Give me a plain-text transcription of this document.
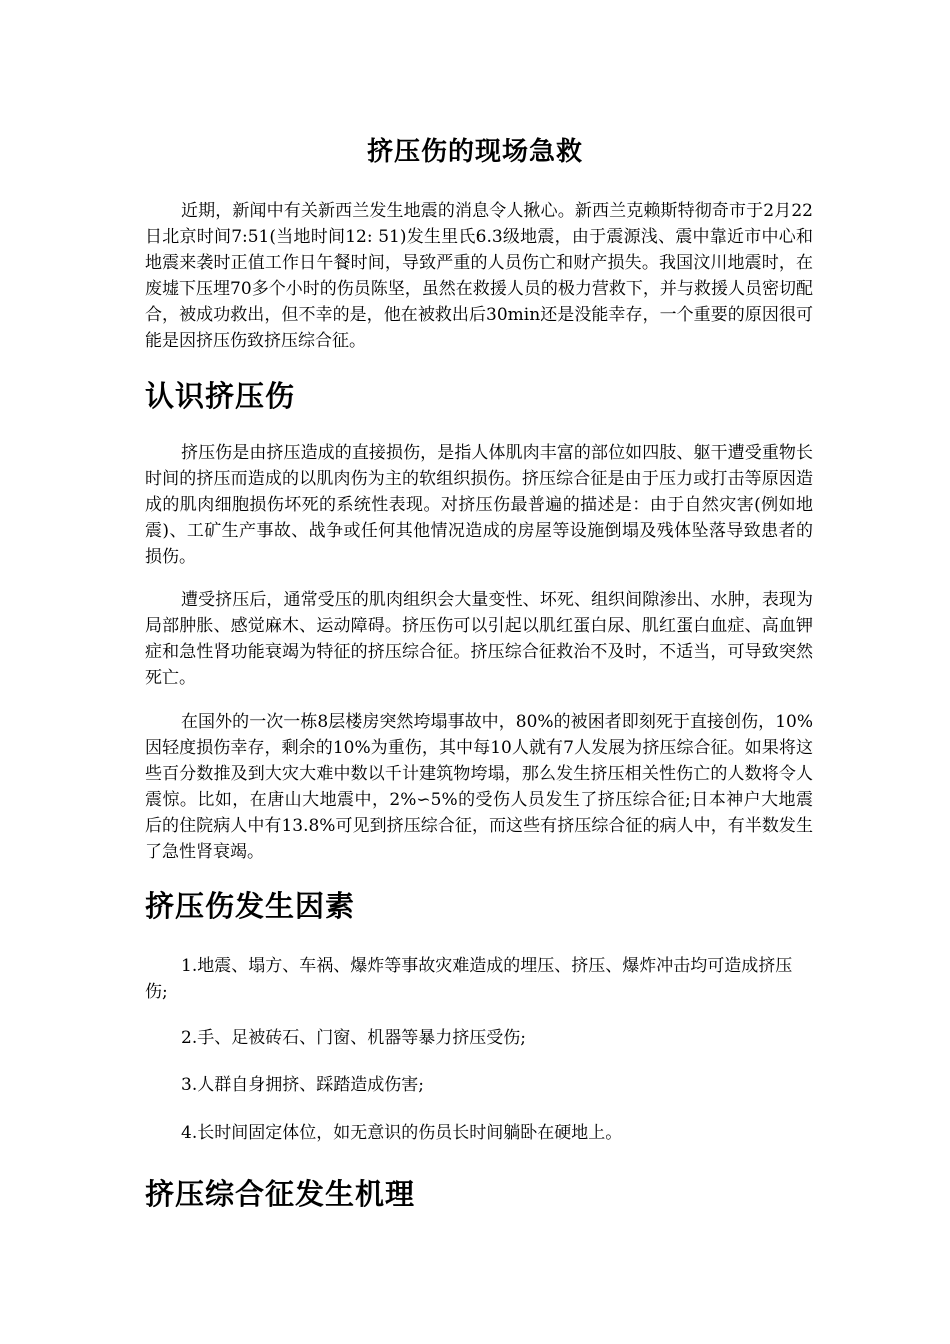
挤压伤的现场急救
近期，新闻中有关新西兰发生地震的消息令人揪心。新西兰克赖斯特彻奇市于2月22日北京时间7:51(当地时间12: 51)发生里氏6.3级地震，由于震源浅、震中靠近市中心和地震来袭时正值工作日午餐时间，导致严重的人员伤亡和财产损失。我国汶川地震时，在废墟下压埋70多个小时的伤员陈坚，虽然在救援人员的极力营救下，并与救援人员密切配合，被成功救出，但不幸的是，他在被救出后30min还是没能幸存，一个重要的原因很可能是因挤压伤致挤压综合征。
认识挤压伤
挤压伤是由挤压造成的直接损伤，是指人体肌肉丰富的部位如四肢、躯干遭受重物长时间的挤压而造成的以肌肉伤为主的软组织损伤。挤压综合征是由于压力或打击等原因造成的肌肉细胞损伤坏死的系统性表现。对挤压伤最普遍的描述是：由于自然灾害(例如地震)、工矿生产事故、战争或任何其他情况造成的房屋等设施倒塌及残体坠落导致患者的损伤。
遭受挤压后，通常受压的肌肉组织会大量变性、坏死、组织间隙渗出、水肿，表现为局部肿胀、感觉麻木、运动障碍。挤压伤可以引起以肌红蛋白尿、肌红蛋白血症、高血钾症和急性肾功能衰竭为特征的挤压综合征。挤压综合征救治不及时，不适当，可导致突然死亡。
在国外的一次一栋8层楼房突然垮塌事故中，80%的被困者即刻死于直接创伤，10%因轻度损伤幸存，剩余的10%为重伤，其中每10人就有7人发展为挤压综合征。如果将这些百分数推及到大灾大难中数以千计建筑物垮塌，那么发生挤压相关性伤亡的人数将令人震惊。比如，在唐山大地震中，2%∽5%的受伤人员发生了挤压综合征;日本神户大地震后的住院病人中有13.8%可见到挤压综合征，而这些有挤压综合征的病人中，有半数发生了急性肾衰竭。
挤压伤发生因素
1.地震、塌方、车祸、爆炸等事故灾难造成的埋压、挤压、爆炸冲击均可造成挤压伤;
2.手、足被砖石、门窗、机器等暴力挤压受伤;
3.人群自身拥挤、踩踏造成伤害;
4.长时间固定体位，如无意识的伤员长时间躺卧在硬地上。
挤压综合征发生机理
